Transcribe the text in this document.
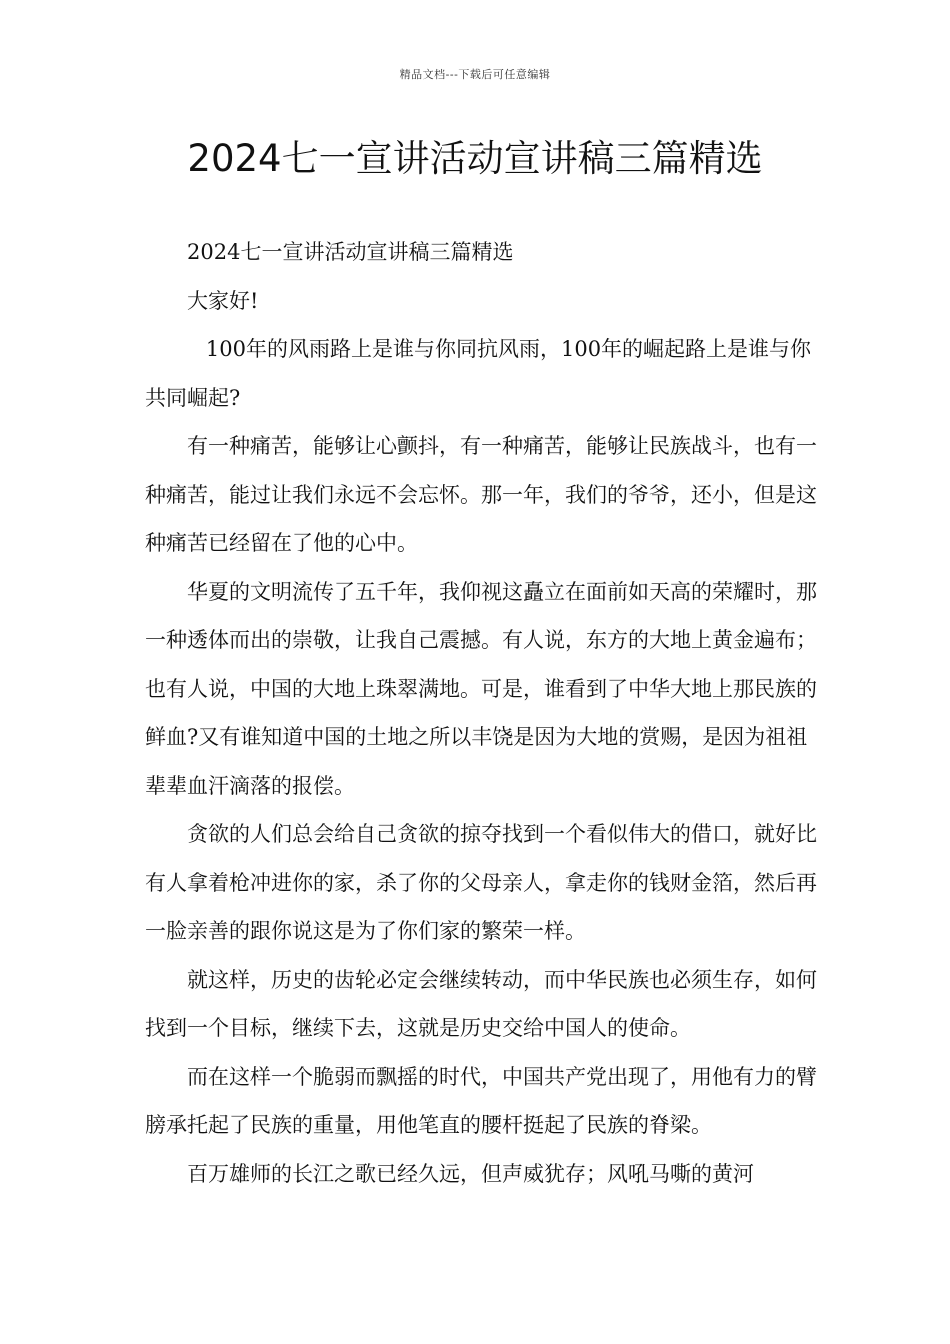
精品文档---下载后可任意编辑
2024七一宣讲活动宣讲稿三篇精选

2024七一宣讲活动宣讲稿三篇精选

大家好!

100年的风雨路上是谁与你同抗风雨，100年的崛起路上是谁与你共同崛起?

有一种痛苦，能够让心颤抖，有一种痛苦，能够让民族战斗，也有一种痛苦，能过让我们永远不会忘怀。那一年，我们的爷爷，还小，但是这种痛苦已经留在了他的心中。

华夏的文明流传了五千年，我仰视这矗立在面前如天高的荣耀时，那一种透体而出的崇敬，让我自己震撼。有人说，东方的大地上黄金遍布；也有人说，中国的大地上珠翠满地。可是，谁看到了中华大地上那民族的鲜血?又有谁知道中国的土地之所以丰饶是因为大地的赏赐，是因为祖祖辈辈血汗滴落的报偿。

贪欲的人们总会给自己贪欲的掠夺找到一个看似伟大的借口，就好比有人拿着枪冲进你的家，杀了你的父母亲人，拿走你的钱财金箔，然后再一脸亲善的跟你说这是为了你们家的繁荣一样。

就这样，历史的齿轮必定会继续转动，而中华民族也必须生存，如何找到一个目标，继续下去，这就是历史交给中国人的使命。

而在这样一个脆弱而飘摇的时代，中国共产党出现了，用他有力的臂膀承托起了民族的重量，用他笔直的腰杆挺起了民族的脊梁。

百万雄师的长江之歌已经久远，但声威犹存；风吼马嘶的黄河
